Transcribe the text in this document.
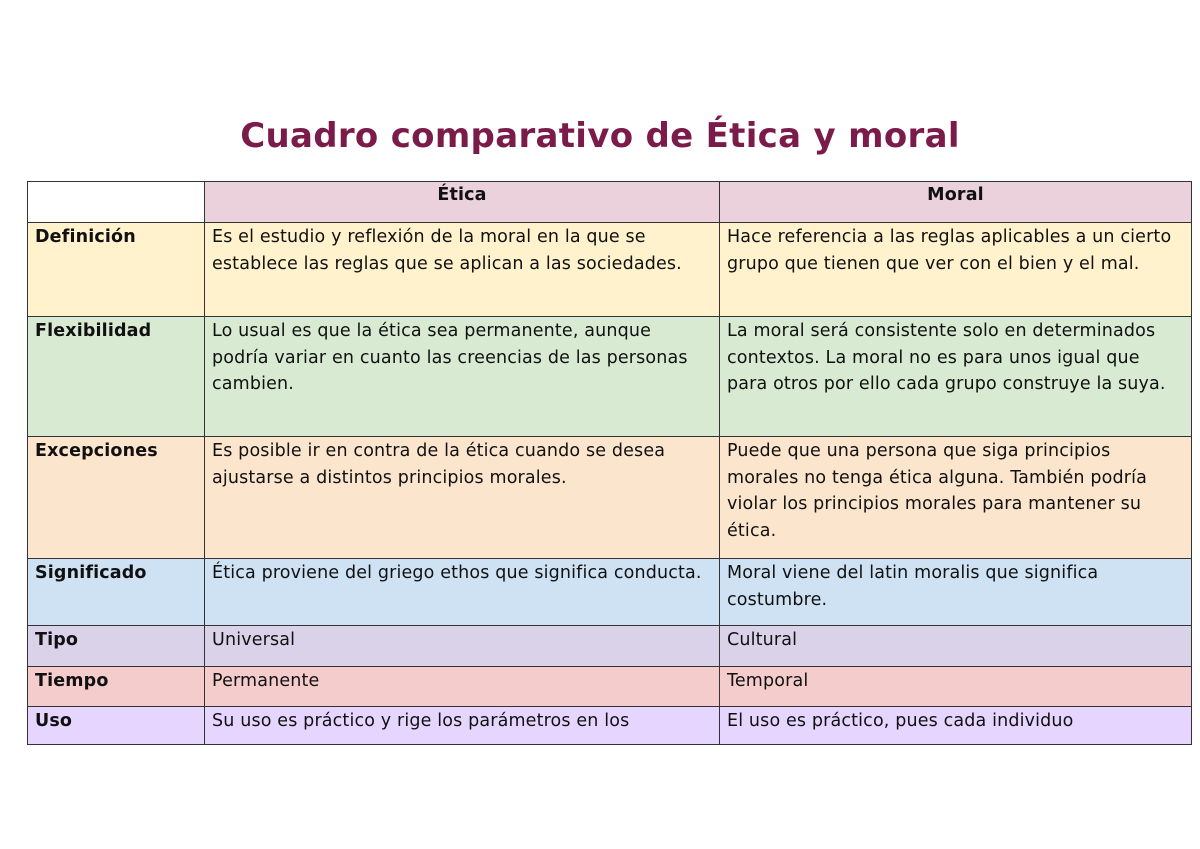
Cuadro comparativo de Ética y moral
	Ética	Moral
Definición	Es el estudio y reflexión de la moral en la que se establece las reglas que se aplican a las sociedades.	Hace referencia a las reglas aplicables a un cierto grupo que tienen que ver con el bien y el mal.
Flexibilidad	Lo usual es que la ética sea permanente, aunque podría variar en cuanto las creencias de las personas cambien.	La moral será consistente solo en determinados contextos. La moral no es para unos igual que para otros por ello cada grupo construye la suya.
Excepciones	Es posible ir en contra de la ética cuando se desea ajustarse a distintos principios morales.	Puede que una persona que siga principios morales no tenga ética alguna. También podría violar los principios morales para mantener su ética.
Significado	Ética proviene del griego ethos que significa conducta.	Moral viene del latin moralis que significa costumbre.
Tipo	Universal	Cultural
Tiempo	Permanente	Temporal
Uso	Su uso es práctico y rige los parámetros en los	El uso es práctico, pues cada individuo
